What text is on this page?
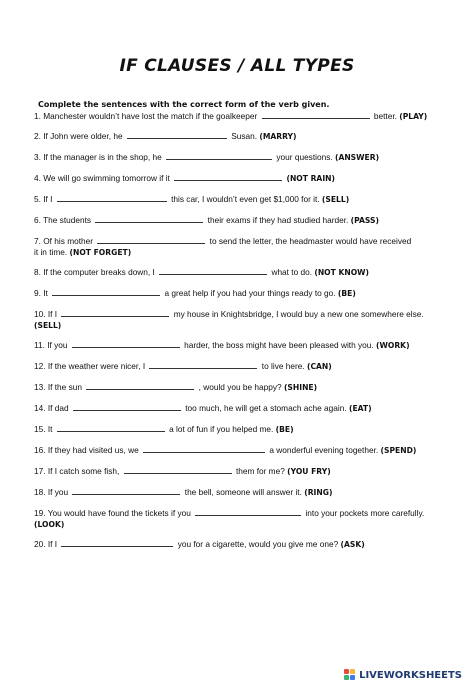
IF CLAUSES / ALL TYPES
Complete the sentences with the correct form of the verb given.
1. Manchester wouldn’t have lost the match if the goalkeeper	better. (PLAY)
2. If John were older, he	Susan. (MARRY)
3. If the manager is in the shop, he	your questions. (ANSWER)
4. We will go swimming tomorrow if it	(NOT RAIN)
5. If I	this car, I wouldn’t even get $1,000 for it. (SELL)
6. The students	their exams if they had studied harder. (PASS)
7. Of his mother	to send the letter, the headmaster would have received
it in time. (NOT FORGET)
8. If the computer breaks down, I	what to do. (NOT KNOW)
9. It	a great help if you had your things ready to go. (BE)
10. If I	my house in Knightsbridge, I would buy a new one somewhere else.
(SELL)
11. If you	harder, the boss might have been pleased with you. (WORK)
12. If the weather were nicer, I	to live here. (CAN)
13. If the sun	, would you be happy? (SHINE)
14. If dad	too much, he will get a stomach ache again. (EAT)
15. It	a lot of fun if you helped me. (BE)
16. If they had visited us, we	a wonderful evening together. (SPEND)
17. If I catch some fish,	them for me? (YOU FRY)
18. If you	the bell, someone will answer it. (RING)
19. You would have found the tickets if you	into your pockets more carefully.
(LOOK)
20. If I	you for a cigarette, would you give me one? (ASK)
LIVEWORKSHEETS
